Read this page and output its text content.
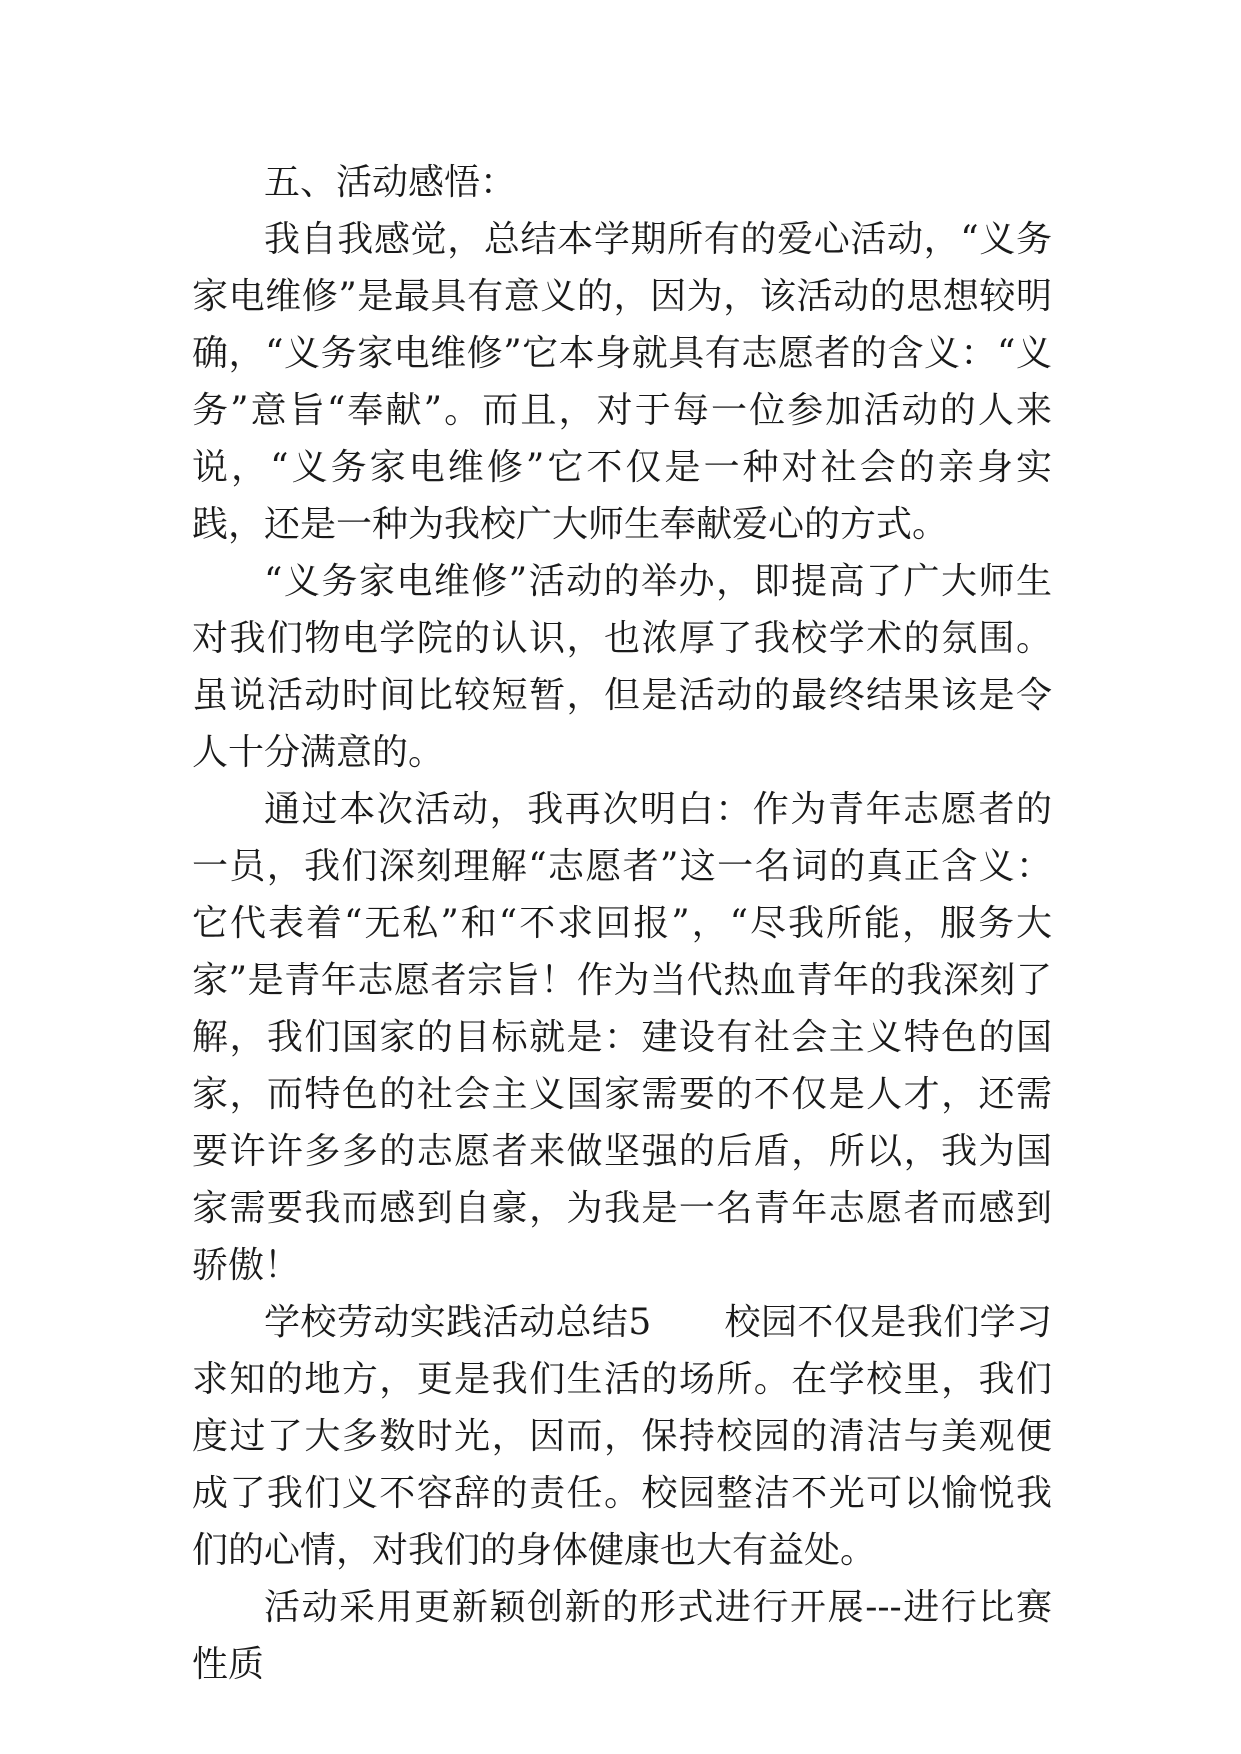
五、活动感悟：

我自我感觉，总结本学期所有的爱心活动，“义务家电维修”是最具有意义的，因为，该活动的思想较明确，“义务家电维修”它本身就具有志愿者的含义：“义务”意旨“奉献”。而且，对于每一位参加活动的人来说，“义务家电维修”它不仅是一种对社会的亲身实践，还是一种为我校广大师生奉献爱心的方式。

“义务家电维修”活动的举办，即提高了广大师生对我们物电学院的认识，也浓厚了我校学术的氛围。虽说活动时间比较短暂，但是活动的最终结果该是令人十分满意的。

通过本次活动，我再次明白：作为青年志愿者的一员，我们深刻理解“志愿者”这一名词的真正含义：它代表着“无私”和“不求回报”，“尽我所能，服务大家”是青年志愿者宗旨！作为当代热血青年的我深刻了解，我们国家的目标就是：建设有社会主义特色的国家，而特色的社会主义国家需要的不仅是人才，还需要许许多多的志愿者来做坚强的后盾，所以，我为国家需要我而感到自豪，为我是一名青年志愿者而感到骄傲！

学校劳动实践活动总结5　　校园不仅是我们学习求知的地方，更是我们生活的场所。在学校里，我们度过了大多数时光，因而，保持校园的清洁与美观便成了我们义不容辞的责任。校园整洁不光可以愉悦我们的心情，对我们的身体健康也大有益处。

活动采用更新颖创新的形式进行开展---进行比赛性质
